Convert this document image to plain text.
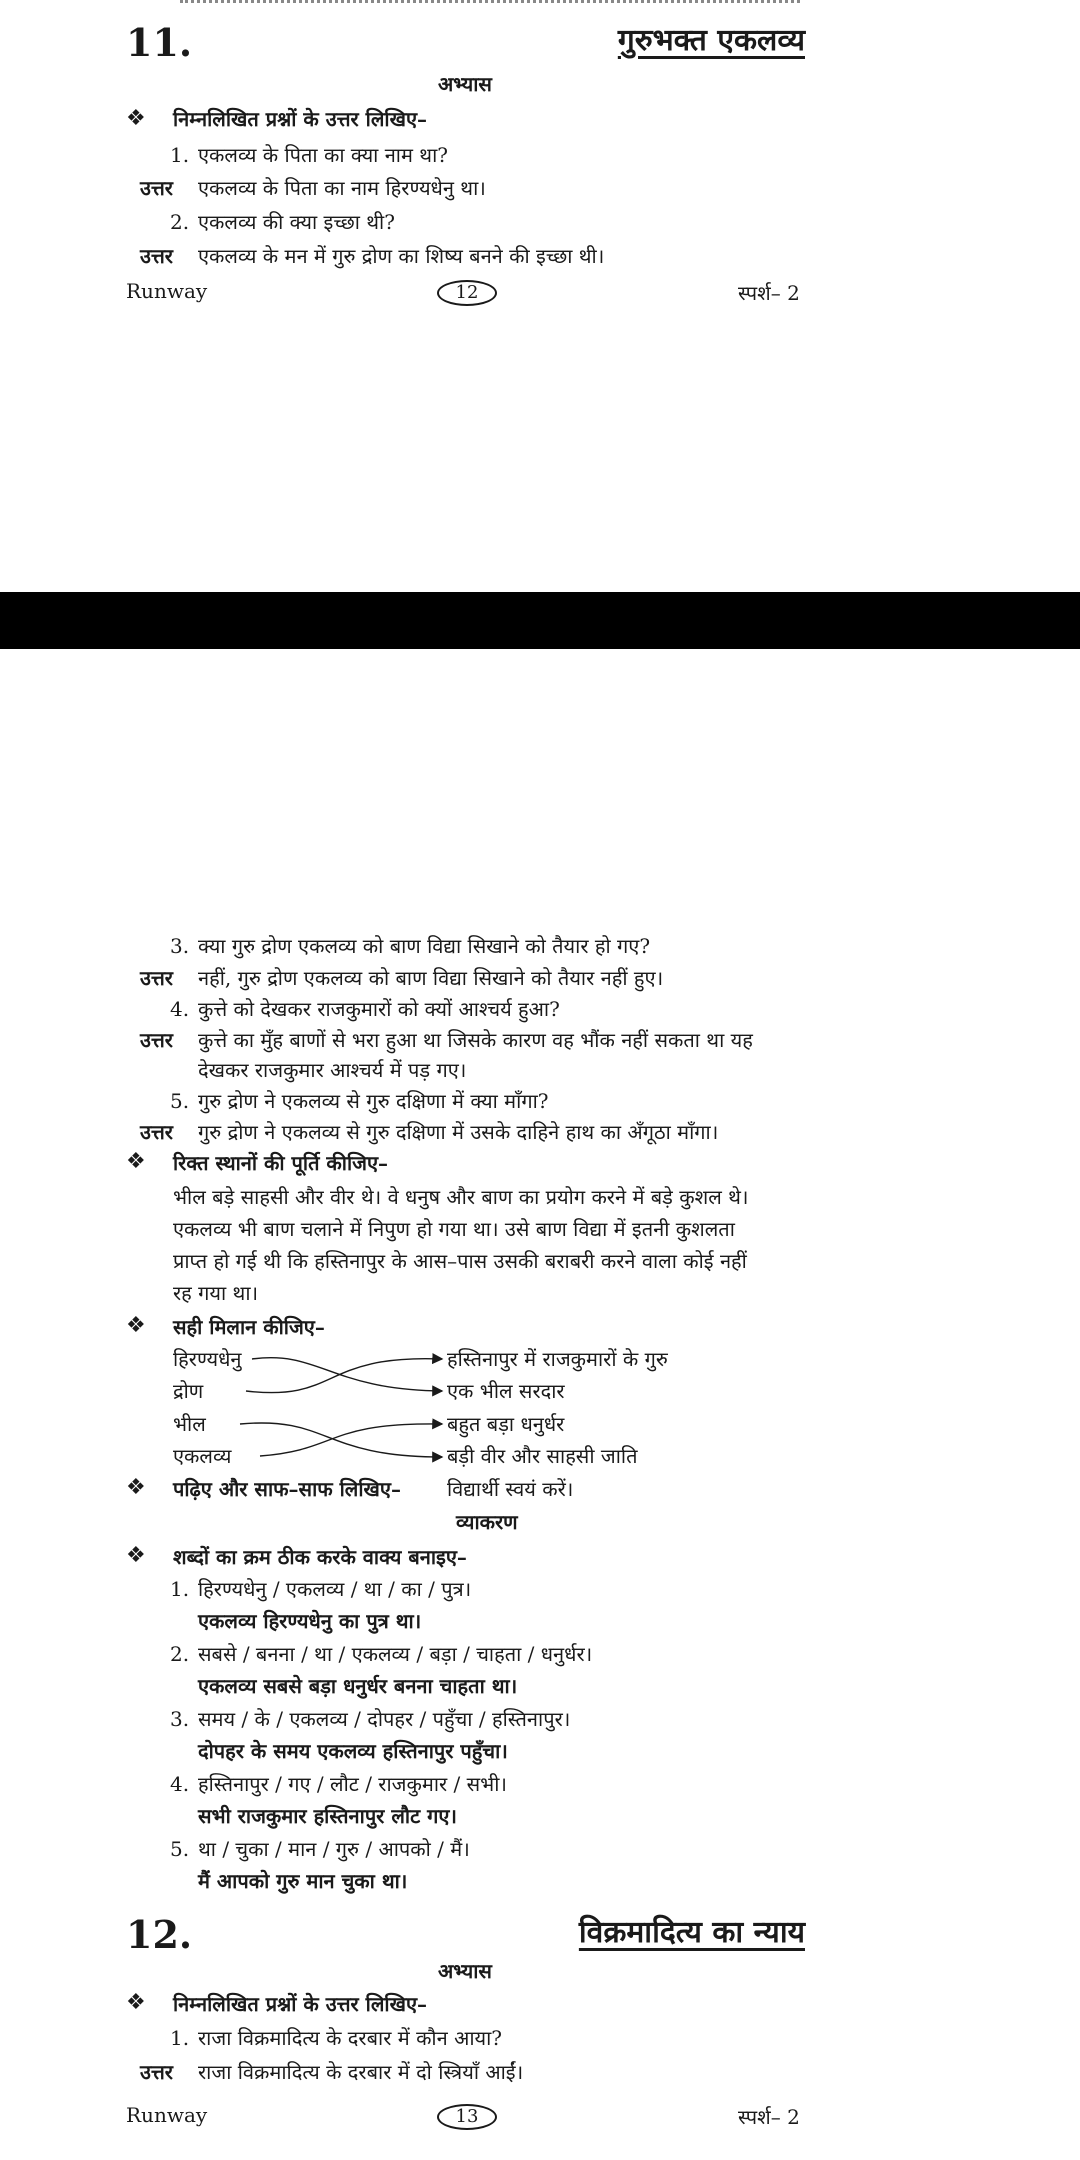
11.	गुरुभक्त एकलव्य
अभ्यास
❖ निम्नलिखित प्रश्नों के उत्तर लिखिए–
1. एकलव्य के पिता का क्या नाम था?
उत्तर एकलव्य के पिता का नाम हिरण्यधेनु था।
2. एकलव्य की क्या इच्छा थी?
उत्तर एकलव्य के मन में गुरु द्रोण का शिष्य बनने की इच्छा थी।
Runway	12	स्पर्श– 2
3. क्या गुरु द्रोण एकलव्य को बाण विद्या सिखाने को तैयार हो गए?
उत्तर नहीं, गुरु द्रोण एकलव्य को बाण विद्या सिखाने को तैयार नहीं हुए।
4. कुत्ते को देखकर राजकुमारों को क्यों आश्चर्य हुआ?
उत्तर कुत्ते का मुँह बाणों से भरा हुआ था जिसके कारण वह भौंक नहीं सकता था यह
देखकर राजकुमार आश्चर्य में पड़ गए।
5. गुरु द्रोण ने एकलव्य से गुरु दक्षिणा में क्या माँगा?
उत्तर गुरु द्रोण ने एकलव्य से गुरु दक्षिणा में उसके दाहिने हाथ का अँगूठा माँगा।
❖ रिक्त स्थानों की पूर्ति कीजिए–
भील बड़े साहसी और वीर थे। वे धनुष और बाण का प्रयोग करने में बड़े कुशल थे।
एकलव्य भी बाण चलाने में निपुण हो गया था। उसे बाण विद्या में इतनी कुशलता
प्राप्त हो गई थी कि हस्तिनापुर के आस–पास उसकी बराबरी करने वाला कोई नहीं
रह गया था।
❖ सही मिलान कीजिए–
हिरण्यधेनु
द्रोण
भील
एकलव्य
हस्तिनापुर में राजकुमारों के गुरु
एक भील सरदार
बहुत बड़ा धनुर्धर
बड़ी वीर और साहसी जाति
❖ पढ़िए और साफ–साफ लिखिए– विद्यार्थी स्वयं करें।
व्याकरण
❖ शब्दों का क्रम ठीक करके वाक्य बनाइए–
1. हिरण्यधेनु / एकलव्य / था / का / पुत्र।
एकलव्य हिरण्यधेनु का पुत्र था।
2. सबसे / बनना / था / एकलव्य / बड़ा / चाहता / धनुर्धर।
एकलव्य सबसे बड़ा धनुर्धर बनना चाहता था।
3. समय / के / एकलव्य / दोपहर / पहुँचा / हस्तिनापुर।
दोपहर के समय एकलव्य हस्तिनापुर पहुँचा।
4. हस्तिनापुर / गए / लौट / राजकुमार / सभी।
सभी राजकुमार हस्तिनापुर लौट गए।
5. था / चुका / मान / गुरु / आपको / मैं।
मैं आपको गुरु मान चुका था।
12.	विक्रमादित्य का न्याय
अभ्यास
❖ निम्नलिखित प्रश्नों के उत्तर लिखिए–
1. राजा विक्रमादित्य के दरबार में कौन आया?
उत्तर राजा विक्रमादित्य के दरबार में दो स्त्रियाँ आईं।
Runway	13	स्पर्श– 2
